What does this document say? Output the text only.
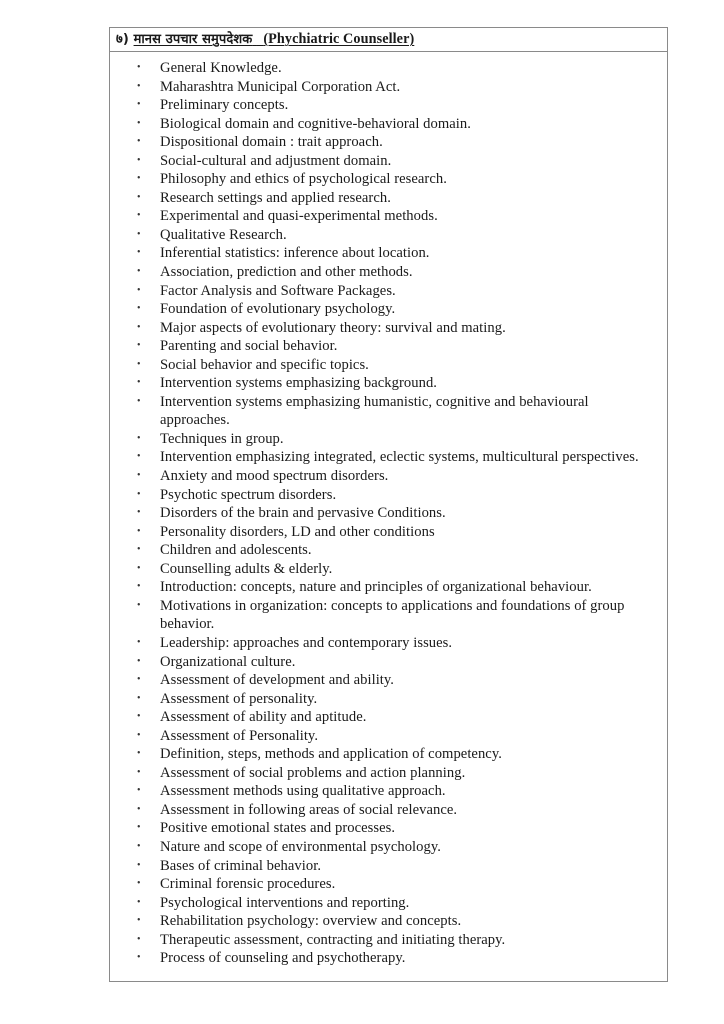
७) मानस उपचार समुपदेशक (Phychiatric Counseller)
•	General Knowledge.
•	Maharashtra Municipal Corporation Act.
•	Preliminary concepts.
•	Biological domain and cognitive-behavioral domain.
•	Dispositional domain : trait approach.
•	Social-cultural and adjustment domain.
•	Philosophy and ethics of psychological research.
•	Research settings and applied research.
•	Experimental and quasi-experimental methods.
•	Qualitative Research.
•	Inferential statistics: inference about location.
•	Association, prediction and other methods.
•	Factor Analysis and Software Packages.
•	Foundation of evolutionary psychology.
•	Major aspects of evolutionary theory: survival and mating.
•	Parenting and social behavior.
•	Social behavior and specific topics.
•	Intervention systems emphasizing background.
•	Intervention systems emphasizing humanistic, cognitive and behavioural approaches.
•	Techniques in group.
•	Intervention emphasizing integrated, eclectic systems, multicultural perspectives.
•	Anxiety and mood spectrum disorders.
•	Psychotic spectrum disorders.
•	Disorders of the brain and pervasive Conditions.
•	Personality disorders, LD and other conditions
•	Children and adolescents.
•	Counselling adults & elderly.
•	Introduction: concepts, nature and principles of organizational behaviour.
•	Motivations in organization: concepts to applications and foundations of group behavior.
•	Leadership: approaches and contemporary issues.
•	Organizational culture.
•	Assessment of development and ability.
•	Assessment of personality.
•	Assessment of ability and aptitude.
•	Assessment of Personality.
•	Definition, steps, methods and application of competency.
•	Assessment of social problems and action planning.
•	Assessment methods using qualitative approach.
•	Assessment in following areas of social relevance.
•	Positive emotional states and processes.
•	Nature and scope of environmental psychology.
•	Bases of criminal behavior.
•	Criminal forensic procedures.
•	Psychological interventions and reporting.
•	Rehabilitation psychology: overview and concepts.
•	Therapeutic assessment, contracting and initiating therapy.
•	Process of counseling and psychotherapy.
